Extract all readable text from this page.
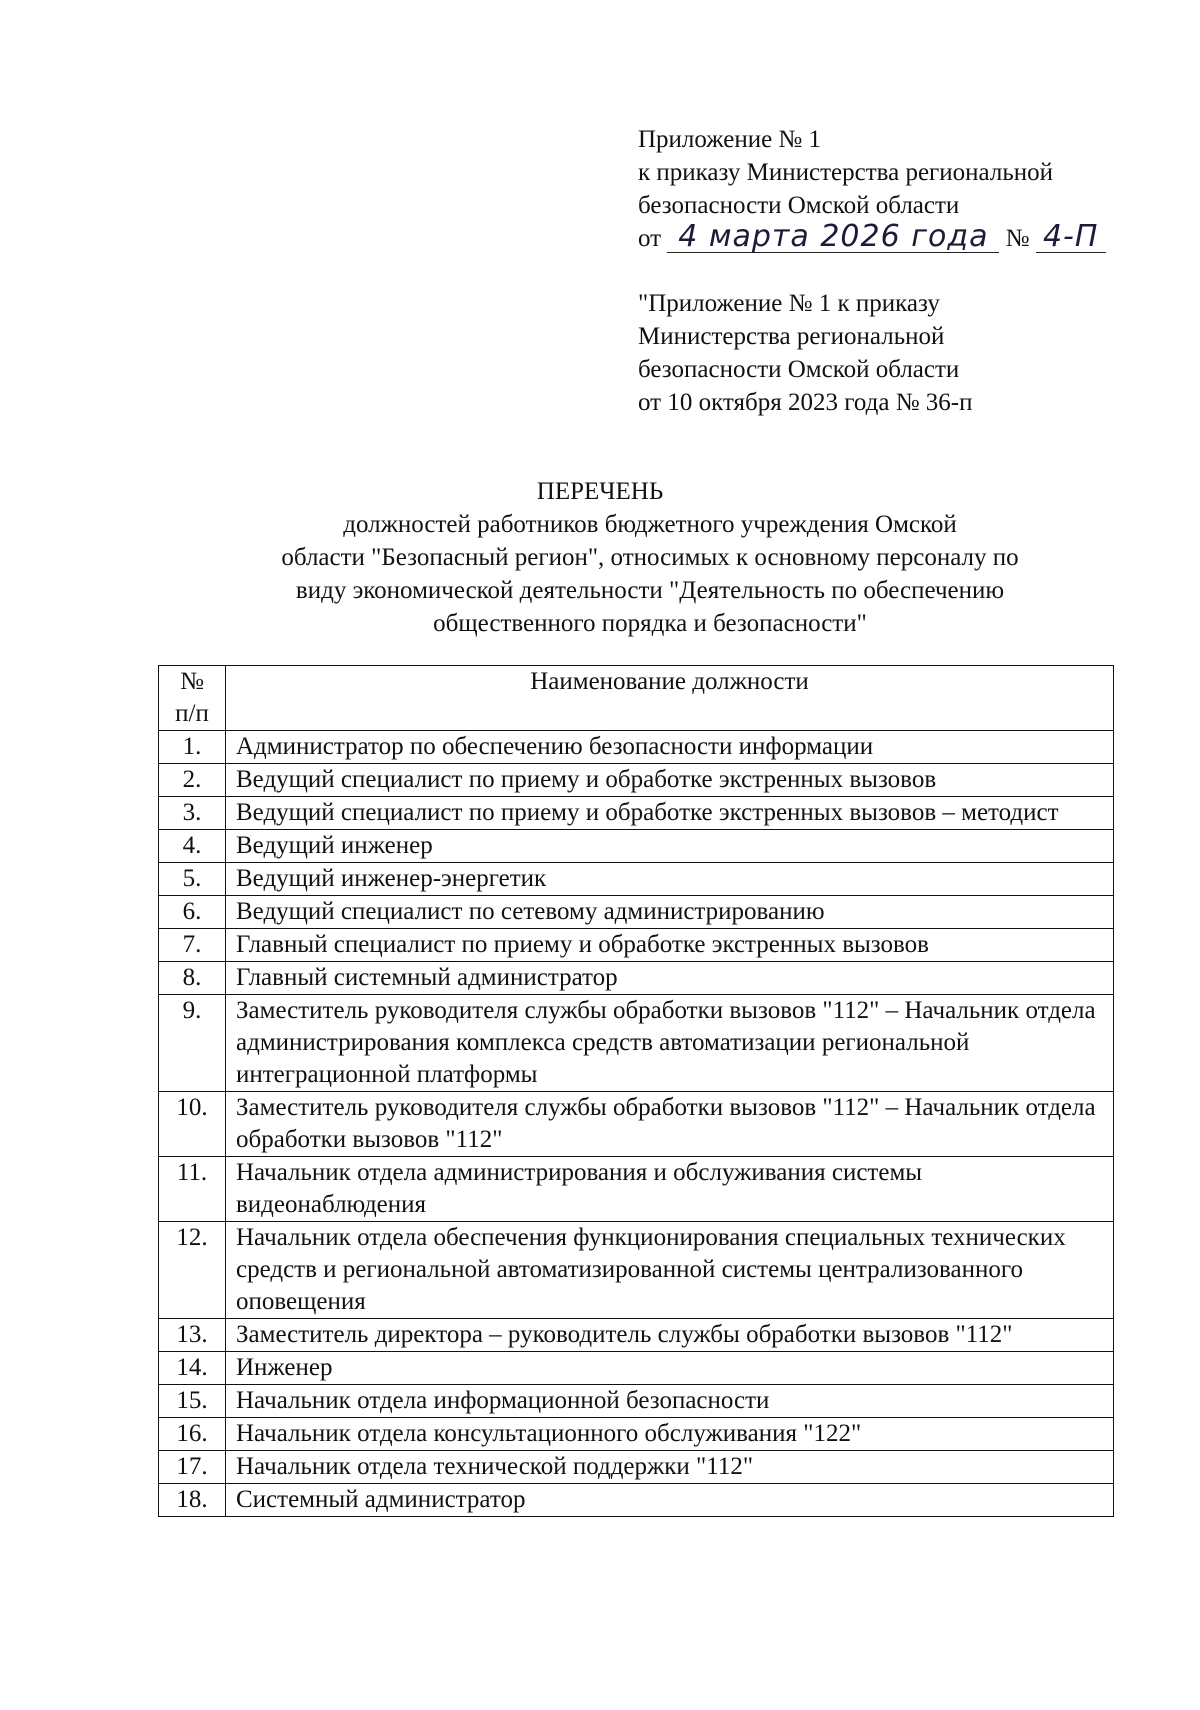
Приложение № 1
к приказу Министерства региональной
безопасности Омской области
от 4 марта 2026 года № 4-П
"Приложение № 1 к приказу
Министерства региональной
безопасности Омской области
от 10 октября 2023 года № 36-п
ПЕРЕЧЕНЬ
должностей работников бюджетного учреждения Омской
области "Безопасный регион", относимых к основному персоналу по
виду экономической деятельности "Деятельность по обеспечению
общественного порядка и безопасности"
№ п/п	Наименование должности
1.	Администратор по обеспечению безопасности информации
2.	Ведущий специалист по приему и обработке экстренных вызовов
3.	Ведущий специалист по приему и обработке экстренных вызовов – методист
4.	Ведущий инженер
5.	Ведущий инженер-энергетик
6.	Ведущий специалист по сетевому администрированию
7.	Главный специалист по приему и обработке экстренных вызовов
8.	Главный системный администратор
9.	Заместитель руководителя службы обработки вызовов "112" – Начальник отдела администрирования комплекса средств автоматизации региональной интеграционной платформы
10.	Заместитель руководителя службы обработки вызовов "112" – Начальник отдела обработки вызовов "112"
11.	Начальник отдела администрирования и обслуживания системы видеонаблюдения
12.	Начальник отдела обеспечения функционирования специальных технических средств и региональной автоматизированной системы централизованного оповещения
13.	Заместитель директора – руководитель службы обработки вызовов "112"
14.	Инженер
15.	Начальник отдела информационной безопасности
16.	Начальник отдела консультационного обслуживания "122"
17.	Начальник отдела технической поддержки "112"
18.	Системный администратор
